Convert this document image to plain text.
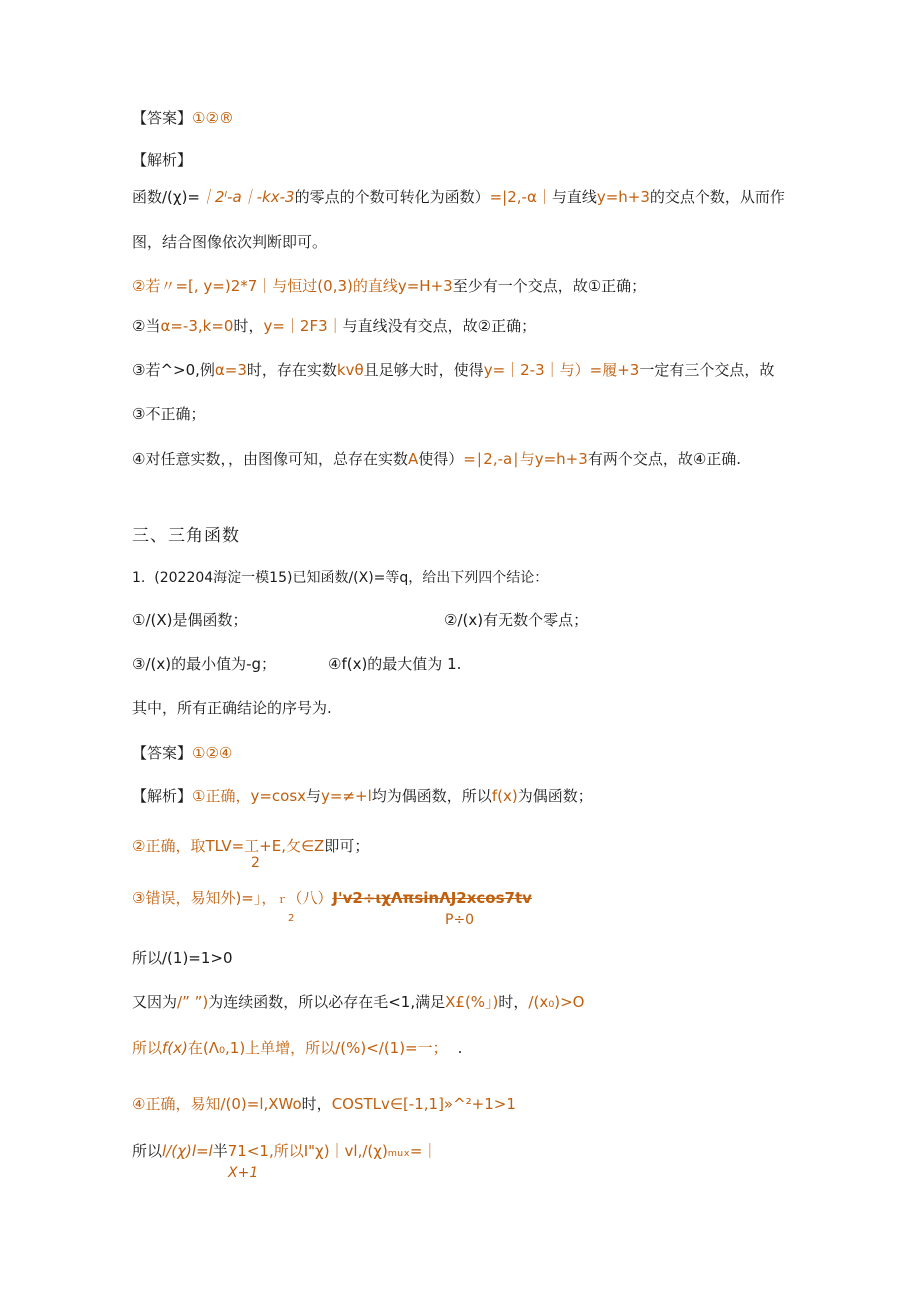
【答案】①②®
【解析】
函数/(χ)=｜2ˡ-a｜-kx-3的零点的个数可转化为函数）=|2,-α｜与直线y=h+3的交点个数，从而作
图，结合图像依次判断即可。
②若〃=[, y=)2*7｜与恒过(0,3)的直线y=H+3至少有一个交点，故①正确；
②当α=-3,k=0时，y=｜2F3｜与直线没有交点，故②正确；
③若^>0,例α=3时，存在实数kvθ且足够大时，使得y=｜2-3｜与）=履+3一定有三个交点，故
③不正确；
④对任意实数，，由图像可知，总存在实数A使得）=∣2,-a∣与y=h+3有两个交点，故④正确.
三、三角函数
1. (202204海淀一模15)已知函数/(X)=等q，给出下列四个结论：
①/(X)是偶函数；	②/(x)有无数个零点；
③/(x)的最小值为-g；	④f(x)的最大值为 1.
其中，所有正确结论的序号为.
【答案】①②④
【解析】①正确，y=cosx与y=≠+l均为偶函数，所以f(x)为偶函数；
②正确，取TLV=工+E,攵∈Z即可；
2
③错误，易知外)=」，ｒ（八）J'v2÷ιχΛπsinΛJ2xcos7tv
2	P÷0
所以/(1)=1>0
又因为/” ”)为连续函数，所以必存在毛<1,满足X£(%」)时，/(x₀)>O
所以f(x)在(Λ₀,1)上单增，所以/(%)</(1)=一； .
④正确，易知/(0)=l,XWo时，COSTLv∈[-1,1]»^²+1>1
所以l/(χ)l=l半71<1,所以I"χ)｜vl,/(χ)ₘᵤₓ=｜
X+1
